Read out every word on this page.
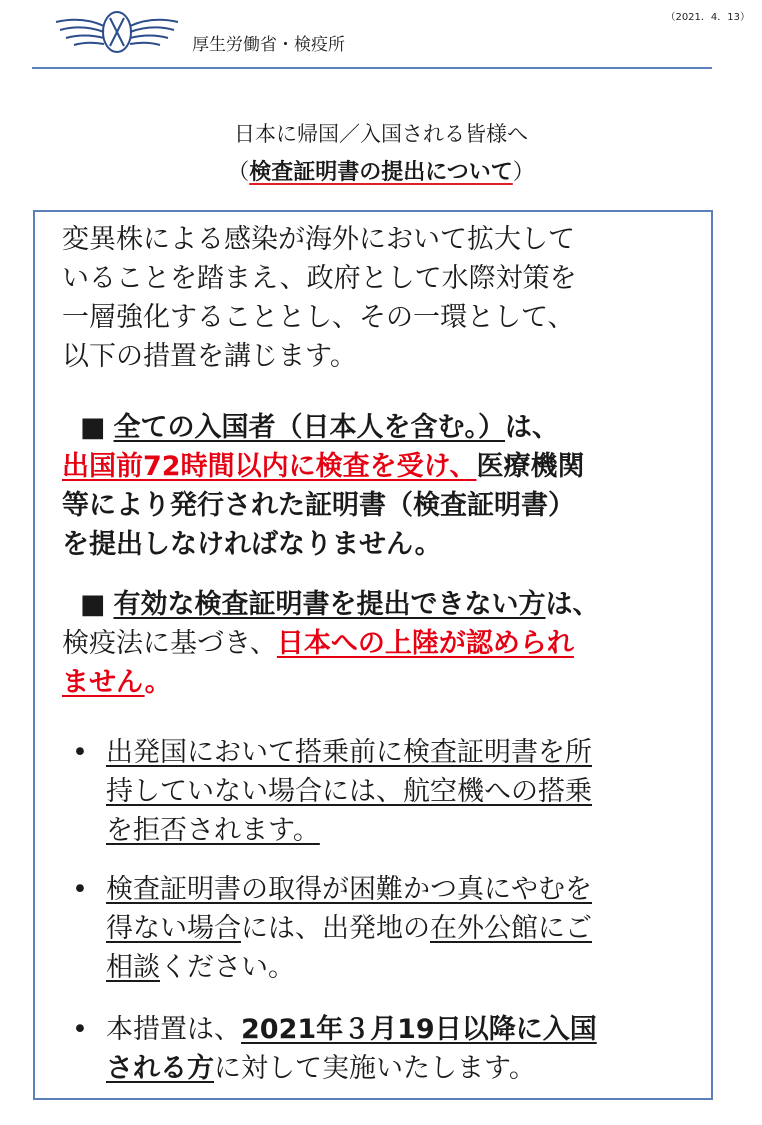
（2021．4．13）
厚生労働省・検疫所
日本に帰国／入国される皆様へ
（検査証明書の提出について）
変異株による感染が海外において拡大して
いることを踏まえ、政府として水際対策を
一層強化することとし、その一環として、
以下の措置を講じます。
■ 全ての入国者（日本人を含む。）は、
出国前72時間以内に検査を受け、医療機関
等により発行された証明書（検査証明書）
を提出しなければなりません。
■ 有効な検査証明書を提出できない方は、
検疫法に基づき、日本への上陸が認められ
ません。
• 出発国において搭乗前に検査証明書を所
持していない場合には、航空機への搭乗
を拒否されます。
• 検査証明書の取得が困難かつ真にやむを
得ない場合には、出発地の在外公館にご
相談ください。
• 本措置は、2021年３月19日以降に入国
される方に対して実施いたします。
